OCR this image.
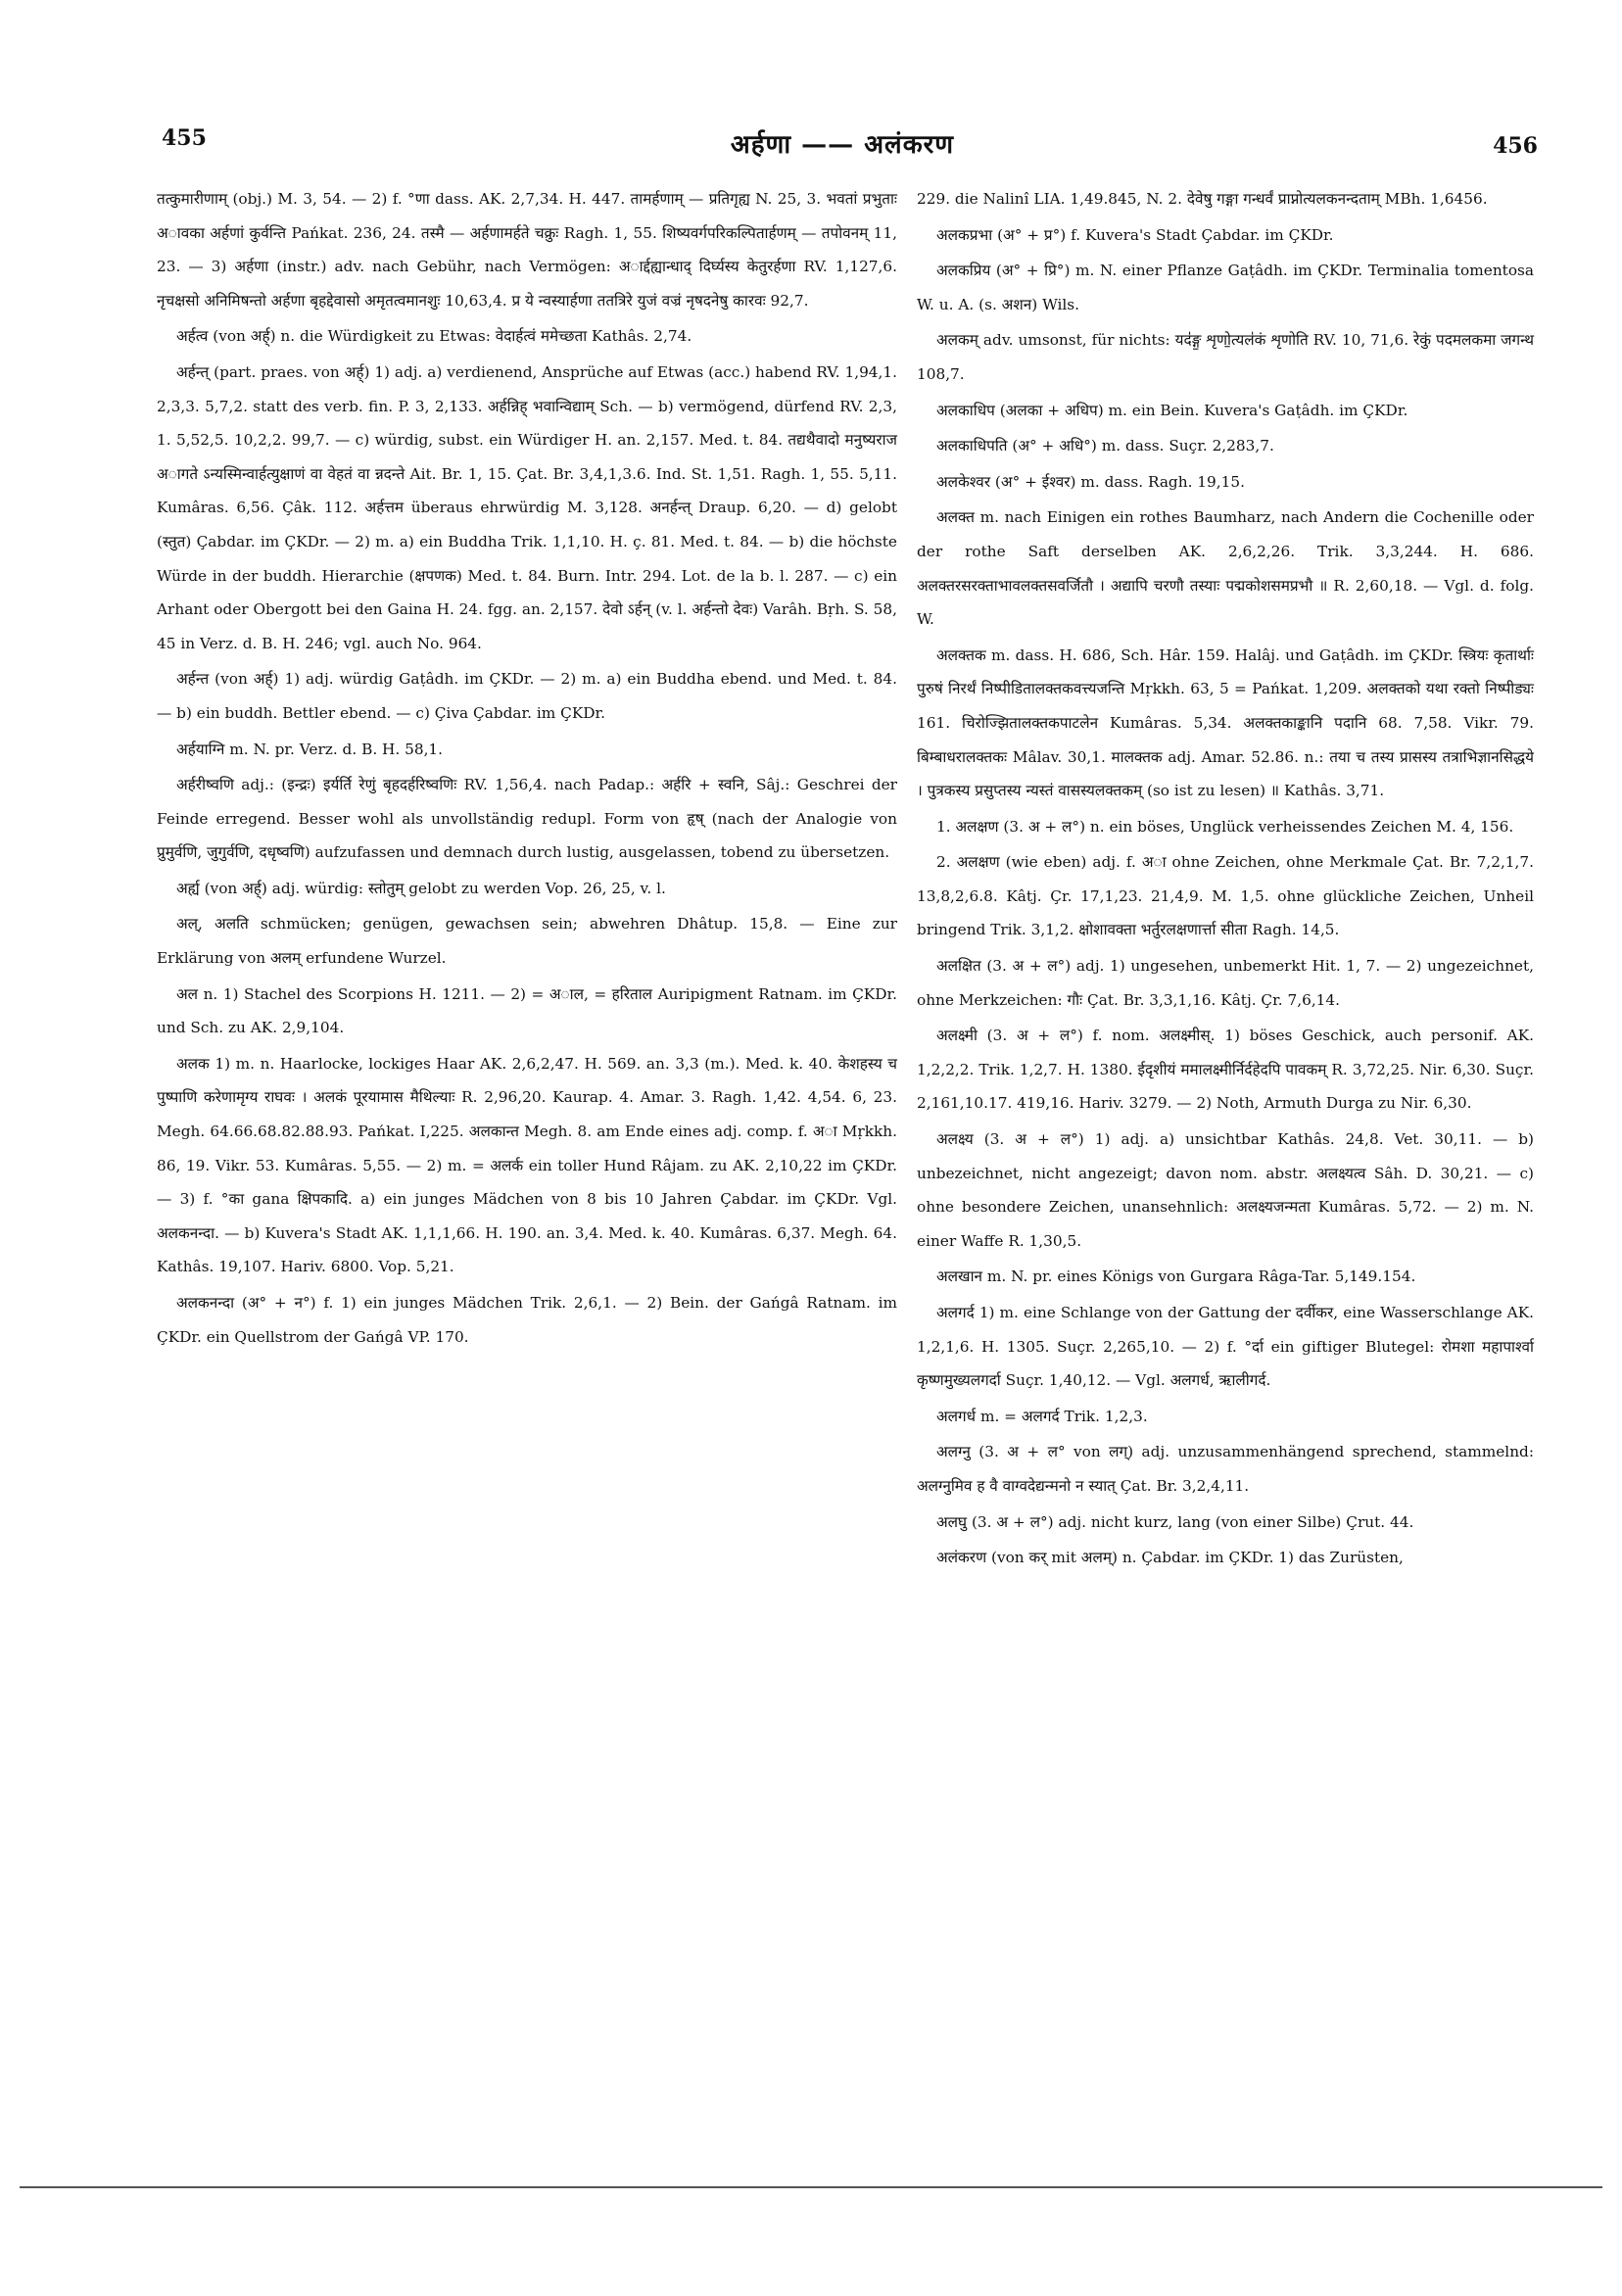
455	अर्हणा —— अलंकरण	456

तत्कुमारीणाम् (obj.) M. 3, 54. — 2) f. °णा dass. AK. 2,7,34. H. 447. तामर्हणाम् — प्रतिगृह्य N. 25, 3. भवतां प्रभुताः अावका अर्हणां कुर्वन्ति Pańkat. 236, 24. तस्मै — अर्हणामर्हते चक्रुः Ragh. 1, 55. शिष्यवर्गपरिकल्पितार्हणम् — तपोवनम् 11, 23. — 3) अर्हणा (instr.) adv. nach Gebühr, nach Vermögen: अार्द्दह्यान्धाद् दिर्घ्यस्य केतुरर्हणा RV. 1,127,6. नृचक्षसो अनिमिषन्तो अर्हणा बृहद्देवासो अमृतत्वमानशुः 10,63,4. प्र ये न्वस्यार्हणा ततत्रिरे युजं वज्रं नृषदनेषु कारवः 92,7.

अर्हत्व (von अर्ह्) n. die Würdigkeit zu Etwas: वेदार्हत्वं ममेच्छता Kathâs. 2,74.

अर्हन्त् (part. praes. von अर्ह्) 1) adj. a) verdienend, Ansprüche auf Etwas (acc.) habend RV. 1,94,1. 2,3,3. 5,7,2. statt des verb. fin. P. 3, 2,133. अर्हन्निह् भवान्विद्याम् Sch. — b) vermögend, dürfend RV. 2,3, 1. 5,52,5. 10,2,2. 99,7. — c) würdig, subst. ein Würdiger H. an. 2,157. Med. t. 84. तद्यथैवादो मनुष्यराज अागते ऽन्यस्मिन्वार्हत्युक्षाणं वा वेहतं वा न्नदन्ते Ait. Br. 1, 15. Çat. Br. 3,4,1,3.6. Ind. St. 1,51. Ragh. 1, 55. 5,11. Kumâras. 6,56. Çâk. 112. अर्हत्तम überaus ehrwürdig M. 3,128. अनर्हन्त् Draup. 6,20. — d) gelobt (स्तुत) Çabdar. im ÇKDr. — 2) m. a) ein Buddha Trik. 1,1,10. H. ç. 81. Med. t. 84. — b) die höchste Würde in der buddh. Hierarchie (क्षपणक) Med. t. 84. Burn. Intr. 294. Lot. de la b. l. 287. — c) ein Arhant oder Obergott bei den Gaina H. 24. fgg. an. 2,157. देवो ऽर्हन् (v. l. अर्हन्तो देवः) Varâh. Bṛh. S. 58, 45 in Verz. d. B. H. 246; vgl. auch No. 964.

अर्हन्त (von अर्ह्) 1) adj. würdig Gaṭâdh. im ÇKDr. — 2) m. a) ein Buddha ebend. und Med. t. 84. — b) ein buddh. Bettler ebend. — c) Çiva Çabdar. im ÇKDr.

अर्हयाग्नि m. N. pr. Verz. d. B. H. 58,1.

अर्हरीष्वणि adj.: (इन्द्रः) इर्यर्ति रेणुं बृहदर्हरिष्वणिः RV. 1,56,4. nach Padap.: अर्हरि + स्वनि, Sâj.: Geschrei der Feinde erregend. Besser wohl als unvollständig redupl. Form von हृष् (nach der Analogie von प्रुमुर्वणि, जुगुर्वणि, दधृष्वणि) aufzufassen und demnach durch lustig, ausgelassen, tobend zu übersetzen.

अर्ह्य (von अर्ह्) adj. würdig: स्तोतुम् gelobt zu werden Vop. 26, 25, v. l.

अल्, अलति schmücken; genügen, gewachsen sein; abwehren Dhâtup. 15,8. — Eine zur Erklärung von अलम् erfundene Wurzel.

अल n. 1) Stachel des Scorpions H. 1211. — 2) = अाल, = हरिताल Auripigment Ratnam. im ÇKDr. und Sch. zu AK. 2,9,104.

अलक 1) m. n. Haarlocke, lockiges Haar AK. 2,6,2,47. H. 569. an. 3,3 (m.). Med. k. 40. केशहस्य च पुष्पाणि करेणामृग्य राघवः । अलकं पूरयामास मैथिल्याः R. 2,96,20. Kaurap. 4. Amar. 3. Ragh. 1,42. 4,54. 6, 23. Megh. 64.66.68.82.88.93. Pańkat. I,225. अलकान्त Megh. 8. am Ende eines adj. comp. f. अा Mṛkkh. 86, 19. Vikr. 53. Kumâras. 5,55. — 2) m. = अलर्क ein toller Hund Râjam. zu AK. 2,10,22 im ÇKDr. — 3) f. °का gana क्षिपकादि. a) ein junges Mädchen von 8 bis 10 Jahren Çabdar. im ÇKDr. Vgl. अलकनन्दा. — b) Kuvera's Stadt AK. 1,1,1,66. H. 190. an. 3,4. Med. k. 40. Kumâras. 6,37. Megh. 64. Kathâs. 19,107. Hariv. 6800. Vop. 5,21.

अलकनन्दा (अ° + न°) f. 1) ein junges Mädchen Trik. 2,6,1. — 2) Bein. der Gańgâ Ratnam. im ÇKDr. ein Quellstrom der Gańgâ VP. 170.

229. die Nalinî LIA. 1,49.845, N. 2. देवेषु गङ्गा गन्धर्वं प्राप्नोत्यलकनन्दताम् MBh. 1,6456.

अलकप्रभा (अ° + प्र°) f. Kuvera's Stadt Çabdar. im ÇKDr.

अलकप्रिय (अ° + प्रि°) m. N. einer Pflanze Gaṭâdh. im ÇKDr. Terminalia tomentosa W. u. A. (s. अशन) Wils.

अलकम् adv. umsonst, für nichts: यद॑ङ्ग॒ शृणो॒त्यल॑कं शृणोति RV. 10, 71,6. रेकुं पदमलकमा जगन्थ 108,7.

अलकाधिप (अलका + अधिप) m. ein Bein. Kuvera's Gaṭâdh. im ÇKDr.

अलकाधिपति (अ° + अधि°) m. dass. Suçr. 2,283,7.

अलकेश्वर (अ° + ईश्वर) m. dass. Ragh. 19,15.

अलक्त m. nach Einigen ein rothes Baumharz, nach Andern die Cochenille oder der rothe Saft derselben AK. 2,6,2,26. Trik. 3,3,244. H. 686. अलक्तरसरक्ताभावलक्तसवर्जितौ । अद्यापि चरणौ तस्याः पद्मकोशसमप्रभौ ॥ R. 2,60,18. — Vgl. d. folg. W.

अलक्तक m. dass. H. 686, Sch. Hâr. 159. Halâj. und Gaṭâdh. im ÇKDr. स्त्रियः कृतार्थाः पुरुषं निरर्थं निष्पीडितालक्तकवत्त्यजन्ति Mṛkkh. 63, 5 = Pańkat. 1,209. अलक्तको यथा रक्तो निष्पीड्यः 161. चिरोज्झितालक्तकपाटलेन Kumâras. 5,34. अलक्तकाङ्कानि पदानि 68. 7,58. Vikr. 79. बिम्बाधरालक्तकः Mâlav. 30,1. मालक्तक adj. Amar. 52.86. n.: तया च तस्य प्रासस्य तत्राभिज्ञानसिद्धये । पुत्रकस्य प्रसुप्तस्य न्यस्तं वासस्यलक्तकम् (so ist zu lesen) ॥ Kathâs. 3,71.

1. अलक्षण (3. अ + ल°) n. ein böses, Unglück verheissendes Zeichen M. 4, 156.

2. अलक्षण (wie eben) adj. f. अा ohne Zeichen, ohne Merkmale Çat. Br. 7,2,1,7. 13,8,2,6.8. Kâtj. Çr. 17,1,23. 21,4,9. M. 1,5. ohne glückliche Zeichen, Unheil bringend Trik. 3,1,2. क्षोशावक्ता भर्तुरलक्षणार्त्ता सीता Ragh. 14,5.

अलक्षित (3. अ + ल°) adj. 1) ungesehen, unbemerkt Hit. 1, 7. — 2) ungezeichnet, ohne Merkzeichen: गौः Çat. Br. 3,3,1,16. Kâtj. Çr. 7,6,14.

अलक्ष्मी (3. अ + ल°) f. nom. अलक्ष्मीस्. 1) böses Geschick, auch personif. AK. 1,2,2,2. Trik. 1,2,7. H. 1380. ईदृशीयं ममालक्ष्मीर्निर्दहेदपि पावकम् R. 3,72,25. Nir. 6,30. Suçr. 2,161,10.17. 419,16. Hariv. 3279. — 2) Noth, Armuth Durga zu Nir. 6,30.

अलक्ष्य (3. अ + ल°) 1) adj. a) unsichtbar Kathâs. 24,8. Vet. 30,11. — b) unbezeichnet, nicht angezeigt; davon nom. abstr. अलक्ष्यत्व Sâh. D. 30,21. — c) ohne besondere Zeichen, unansehnlich: अलक्ष्यजन्मता Kumâras. 5,72. — 2) m. N. einer Waffe R. 1,30,5.

अलखान m. N. pr. eines Königs von Gurgara Râga-Tar. 5,149.154.

अलगर्द 1) m. eine Schlange von der Gattung der दर्वीकर, eine Wasserschlange AK. 1,2,1,6. H. 1305. Suçr. 2,265,10. — 2) f. °र्दा ein giftiger Blutegel: रोमशा महापार्श्वा कृष्णमुख्यलगर्दा Suçr. 1,40,12. — Vgl. अलगर्ध, ऋालीगर्द.

अलगर्ध m. = अलगर्द Trik. 1,2,3.

अलग्नु (3. अ + ल° von लग्) adj. unzusammenhängend sprechend, stammelnd: अलग्नुमिव ह वै वाग्वदेद्यन्मनो न स्यात् Çat. Br. 3,2,4,11.

अलघु (3. अ + ल°) adj. nicht kurz, lang (von einer Silbe) Çrut. 44.

अलंकरण (von कर् mit अलम्) n. Çabdar. im ÇKDr. 1) das Zurüsten,
